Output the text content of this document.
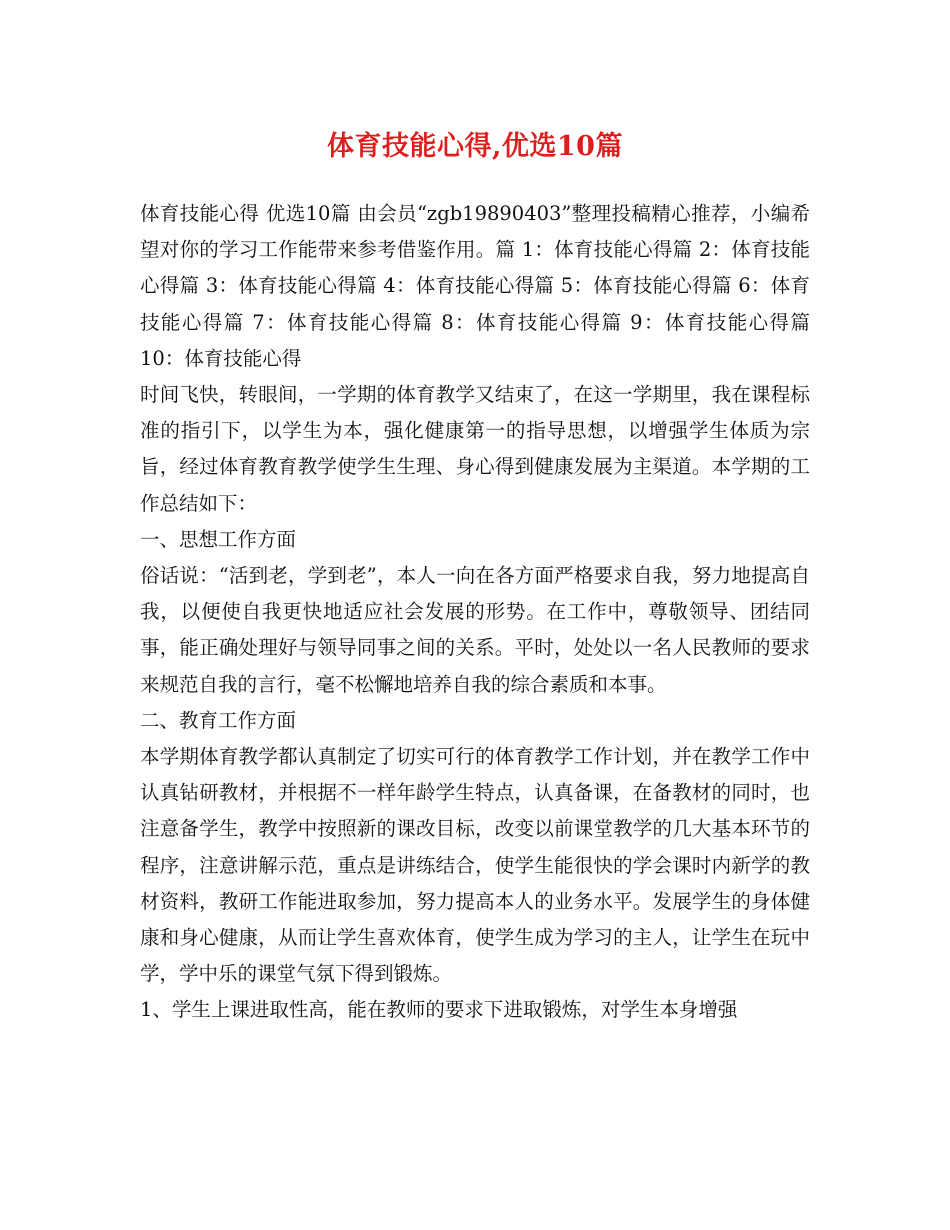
体育技能心得,优选10篇

体育技能心得 优选10篇 由会员“zgb19890403”整理投稿精心推荐，小编希望对你的学习工作能带来参考借鉴作用。篇 1：体育技能心得篇 2：体育技能心得篇 3：体育技能心得篇 4：体育技能心得篇 5：体育技能心得篇 6：体育技能心得篇 7：体育技能心得篇 8：体育技能心得篇 9：体育技能心得篇 10：体育技能心得

时间飞快，转眼间，一学期的体育教学又结束了，在这一学期里，我在课程标准的指引下，以学生为本，强化健康第一的指导思想，以增强学生体质为宗旨，经过体育教育教学使学生生理、身心得到健康发展为主渠道。本学期的工作总结如下：

一、思想工作方面

俗话说：“活到老，学到老”，本人一向在各方面严格要求自我，努力地提高自我，以便使自我更快地适应社会发展的形势。在工作中，尊敬领导、团结同事，能正确处理好与领导同事之间的关系。平时，处处以一名人民教师的要求来规范自我的言行，毫不松懈地培养自我的综合素质和本事。

二、教育工作方面

本学期体育教学都认真制定了切实可行的体育教学工作计划，并在教学工作中认真钻研教材，并根据不一样年龄学生特点，认真备课，在备教材的同时，也注意备学生，教学中按照新的课改目标，改变以前课堂教学的几大基本环节的程序，注意讲解示范，重点是讲练结合，使学生能很快的学会课时内新学的教材资料，教研工作能进取参加，努力提高本人的业务水平。发展学生的身体健康和身心健康，从而让学生喜欢体育，使学生成为学习的主人，让学生在玩中学，学中乐的课堂气氛下得到锻炼。

1、学生上课进取性高，能在教师的要求下进取锻炼，对学生本身增强
